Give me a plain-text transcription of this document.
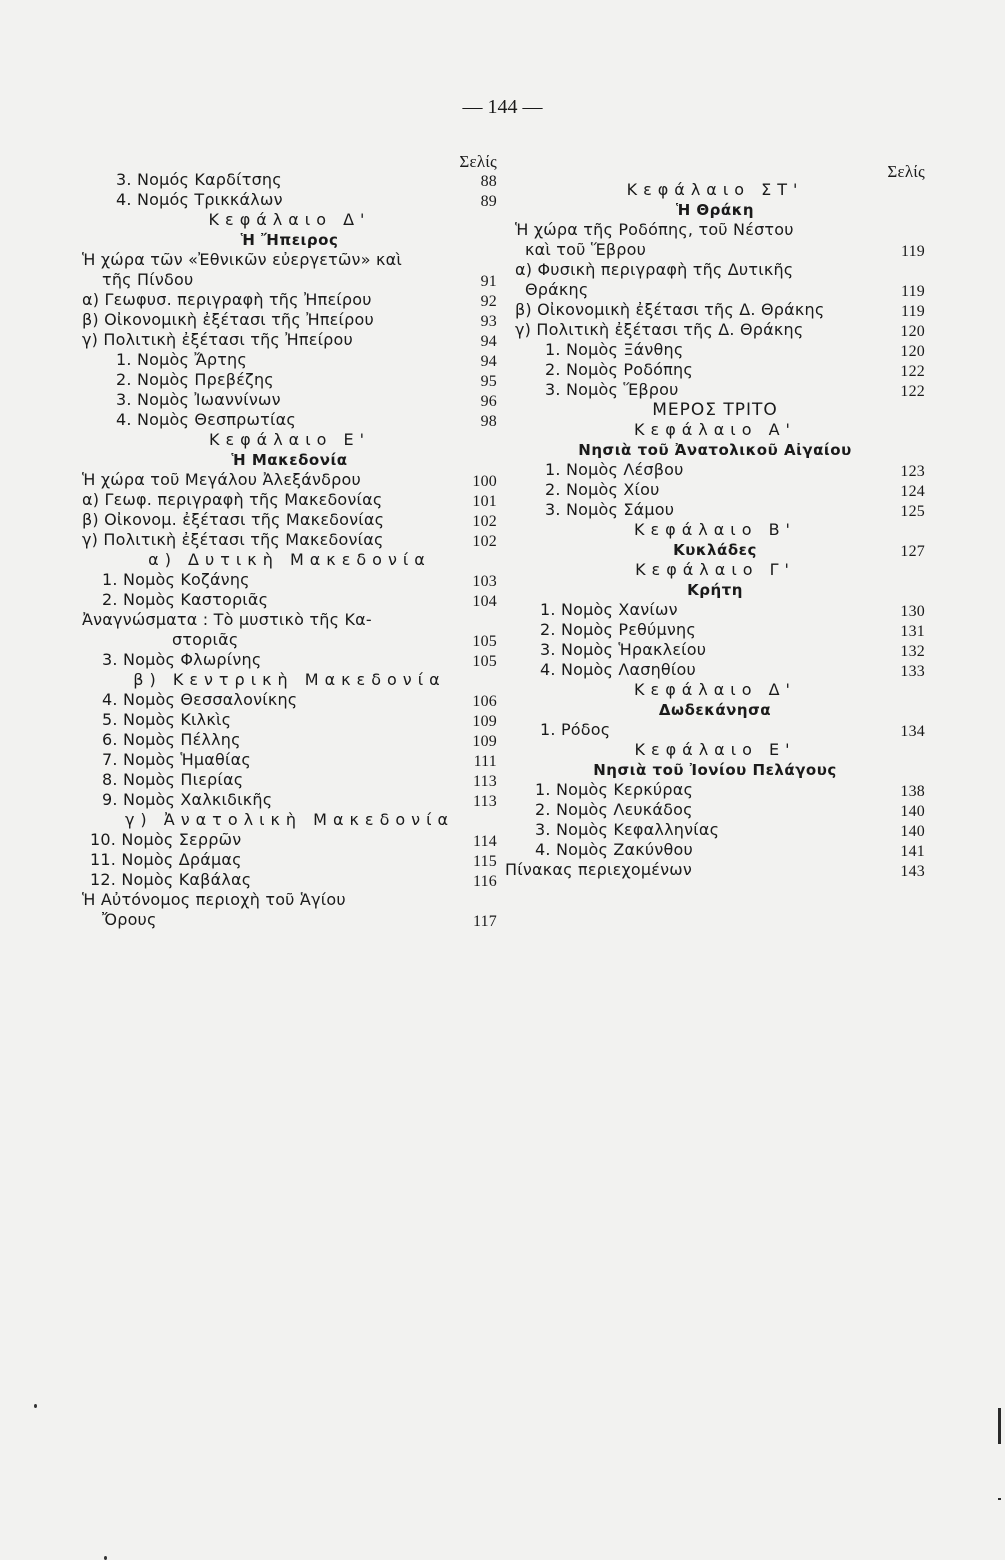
— 144 —
Σελίς
3. Νομός Καρδίτσης	88
4. Νομός Τρικκάλων	89
Κεφάλαιο Δ'
Ἡ Ἤπειρος
Ἡ χώρα τῶν «Ἐθνικῶν εὐεργετῶν» καὶ
τῆς Πίνδου	91
α) Γεωφυσ. περιγραφὴ τῆς Ἠπείρου	92
β) Οἰκονομικὴ ἐξέτασι τῆς Ἠπείρου	93
γ) Πολιτικὴ ἐξέτασι τῆς Ἠπείρου	94
1. Νομὸς Ἄρτης	94
2. Νομὸς Πρεβέζης	95
3. Νομὸς Ἰωαννίνων	96
4. Νομὸς Θεσπρωτίας	98
Κεφάλαιο Ε'
Ἡ Μακεδονία
Ἡ χώρα τοῦ Μεγάλου Ἀλεξάνδρου	100
α) Γεωφ. περιγραφὴ τῆς Μακεδονίας	101
β) Οἰκονομ. ἐξέτασι τῆς Μακεδονίας	102
γ) Πολιτικὴ ἐξέτασι τῆς Μακεδονίας	102
α) Δυτικὴ Μακεδονία
1. Νομὸς Κοζάνης	103
2. Νομὸς Καστοριᾶς	104
Ἀναγνώσματα : Τὸ μυστικὸ τῆς Κα-
στοριᾶς	105
3. Νομὸς Φλωρίνης	105
β) Κεντρικὴ Μακεδονία
4. Νομὸς Θεσσαλονίκης	106
5. Νομὸς Κιλκὶς	109
6. Νομὸς Πέλλης	109
7. Νομὸς Ἡμαθίας	111
8. Νομὸς Πιερίας	113
9. Νομὸς Χαλκιδικῆς	113
γ) Ἀνατολικὴ Μακεδονία
10. Νομὸς Σερρῶν	114
11. Νομὸς Δράμας	115
12. Νομὸς Καβάλας	116
Ἡ Αὐτόνομος περιοχὴ τοῦ Ἁγίου
Ὄρους	117
Σελίς
Κεφάλαιο ΣΤ'
Ἡ Θράκη
Ἡ χώρα τῆς Ροδόπης, τοῦ Νέστου
καὶ τοῦ Ἕβρου	119
α) Φυσικὴ περιγραφὴ τῆς Δυτικῆς
Θράκης	119
β) Οἰκονομικὴ ἐξέτασι τῆς Δ. Θράκης	119
γ) Πολιτικὴ ἐξέτασι τῆς Δ. Θράκης	120
1. Νομὸς Ξάνθης	120
2. Νομὸς Ροδόπης	122
3. Νομὸς Ἕβρου	122
ΜΕΡΟΣ ΤΡΙΤΟ
Κεφάλαιο Α'
Νησιὰ τοῦ Ἀνατολικοῦ Αἰγαίου
1. Νομὸς Λέσβου	123
2. Νομὸς Χίου	124
3. Νομὸς Σάμου	125
Κεφάλαιο Β'
Κυκλάδες	127
Κεφάλαιο Γ'
Κρήτη
1. Νομὸς Χανίων	130
2. Νομὸς Ρεθύμνης	131
3. Νομὸς Ἡρακλείου	132
4. Νομὸς Λασηθίου	133
Κεφάλαιο Δ'
Δωδεκάνησα
1. Ρόδος	134
Κεφάλαιο Ε'
Νησιὰ τοῦ Ἰονίου Πελάγους
1. Νομὸς Κερκύρας	138
2. Νομὸς Λευκάδος	140
3. Νομὸς Κεφαλληνίας	140
4. Νομὸς Ζακύνθου	141
Πίνακας περιεχομένων	143
